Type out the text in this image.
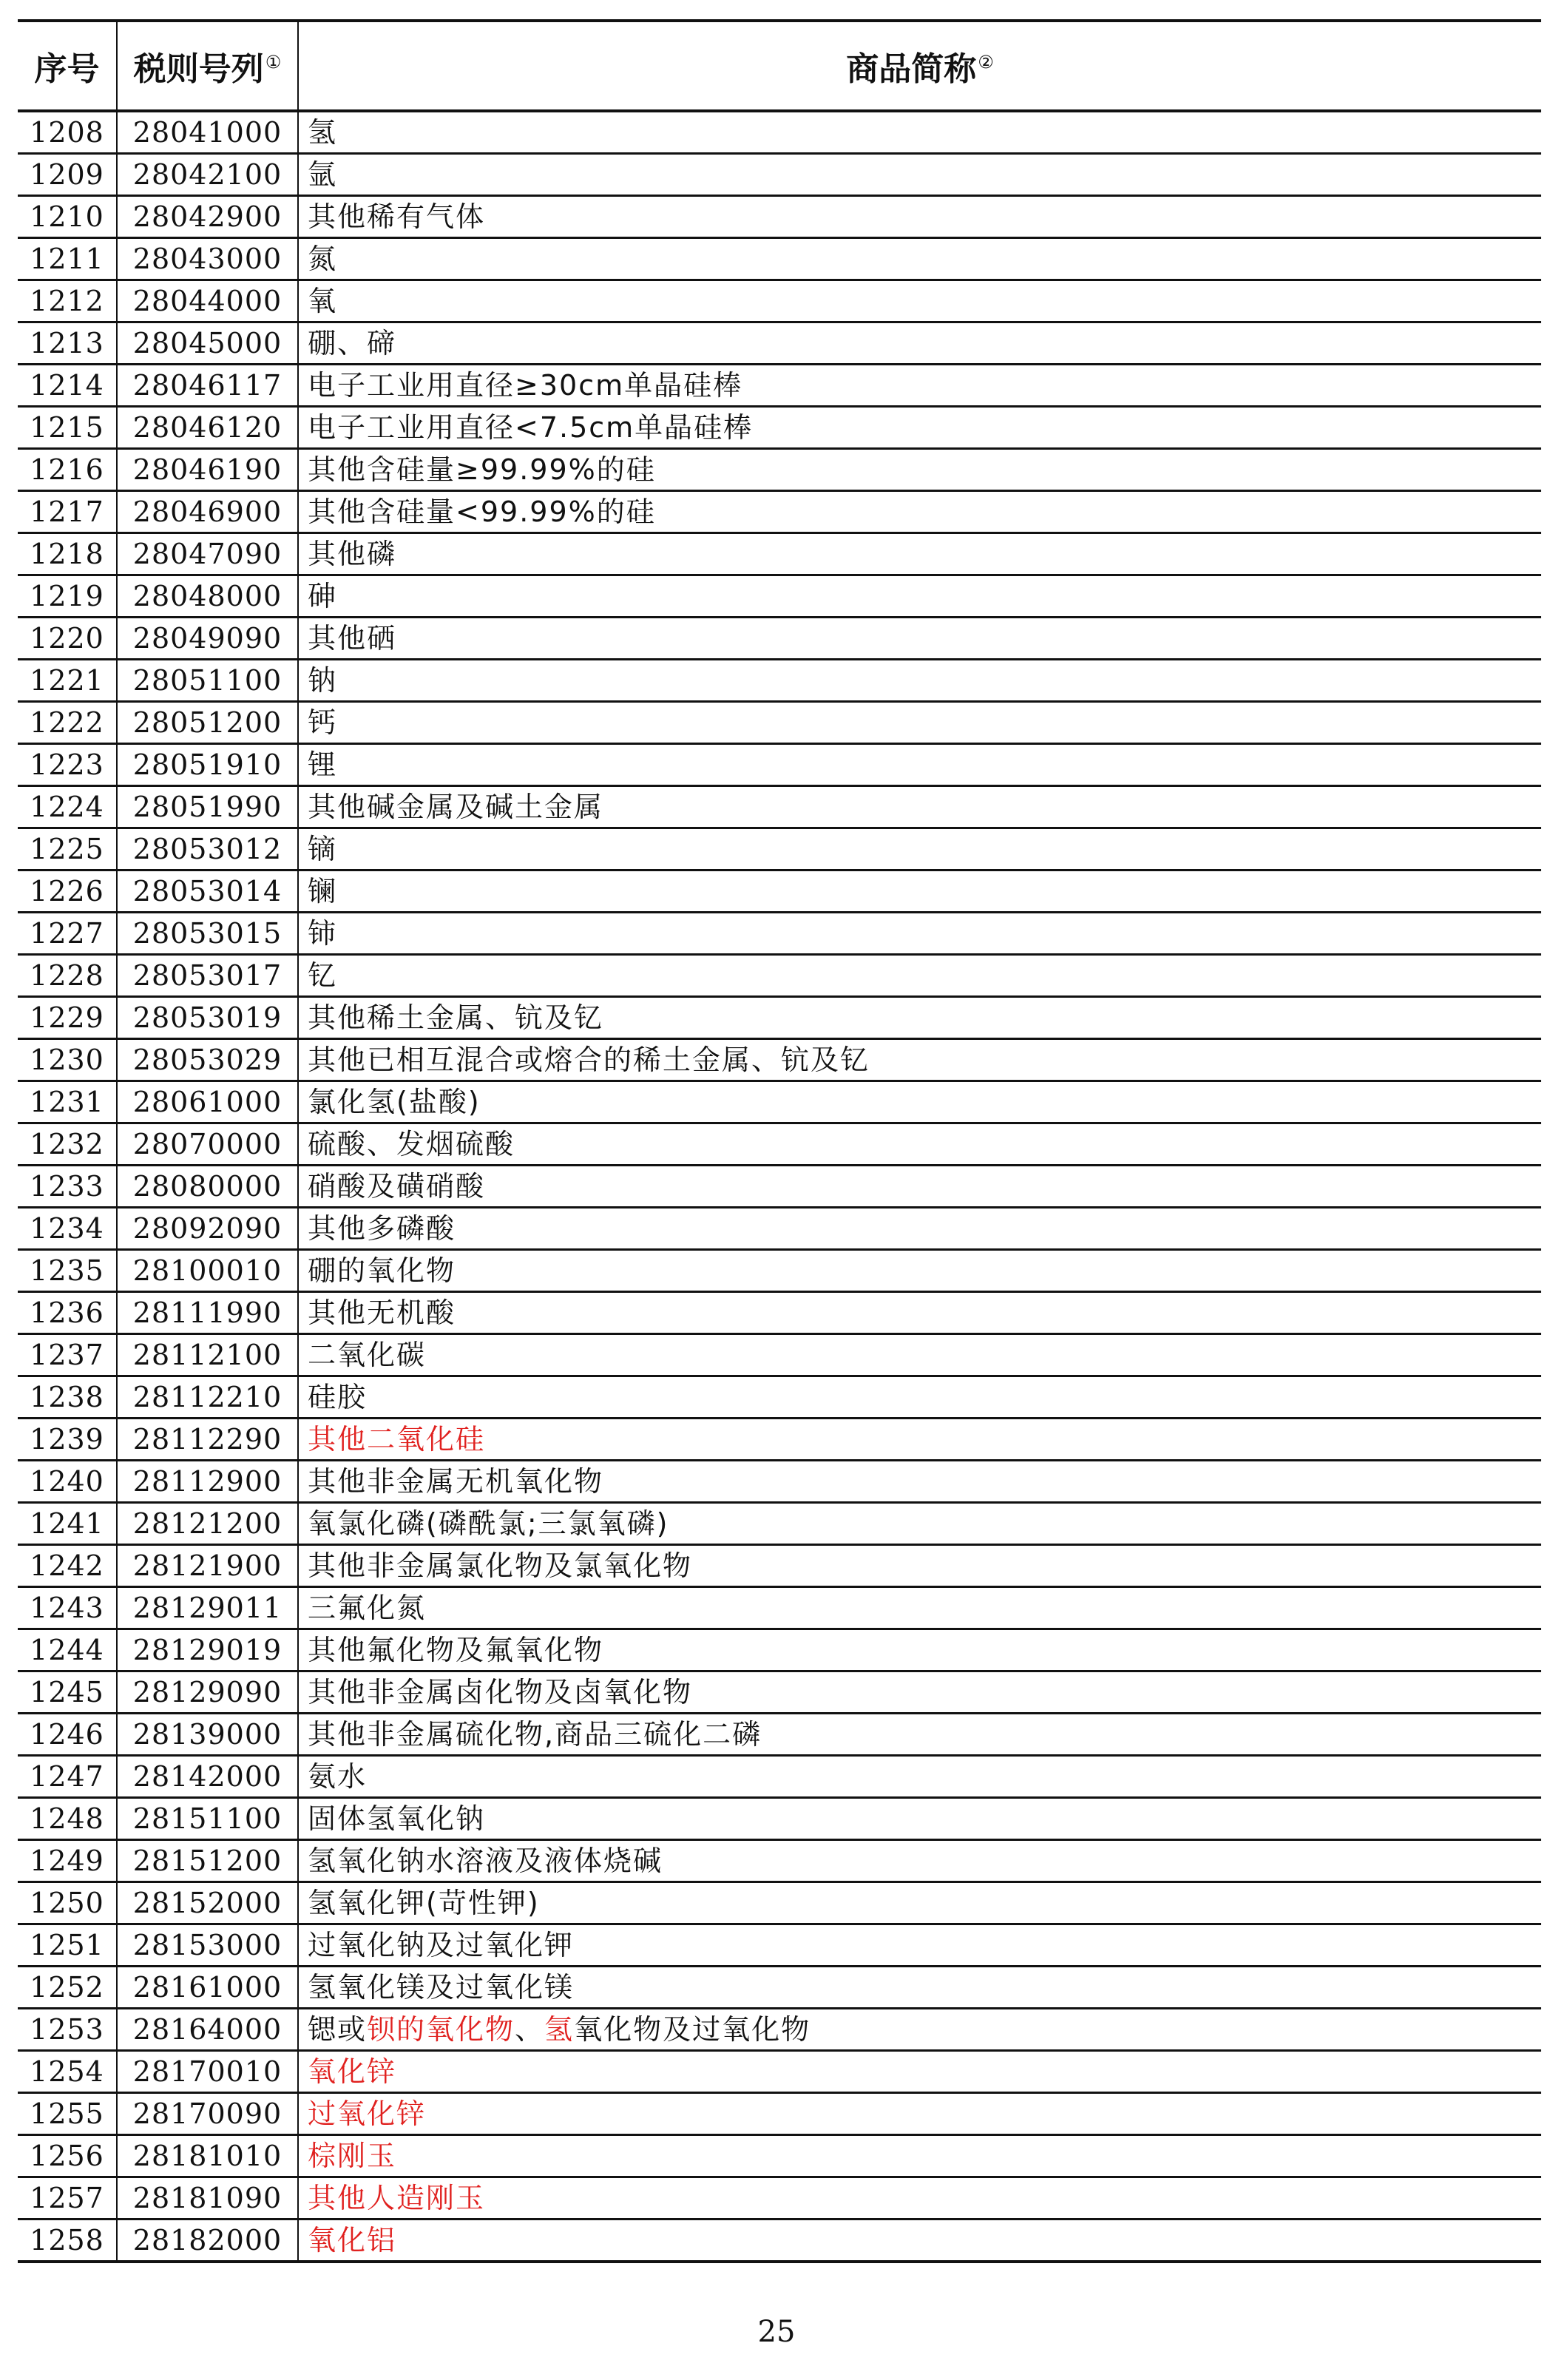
序号	税则号列①	商品简称②
1208	28041000	氢
1209	28042100	氩
1210	28042900	其他稀有气体
1211	28043000	氮
1212	28044000	氧
1213	28045000	硼、碲
1214	28046117	电子工业用直径≥30cm单晶硅棒
1215	28046120	电子工业用直径<7.5cm单晶硅棒
1216	28046190	其他含硅量≥99.99%的硅
1217	28046900	其他含硅量<99.99%的硅
1218	28047090	其他磷
1219	28048000	砷
1220	28049090	其他硒
1221	28051100	钠
1222	28051200	钙
1223	28051910	锂
1224	28051990	其他碱金属及碱土金属
1225	28053012	镝
1226	28053014	镧
1227	28053015	铈
1228	28053017	钇
1229	28053019	其他稀土金属、钪及钇
1230	28053029	其他已相互混合或熔合的稀土金属、钪及钇
1231	28061000	氯化氢(盐酸)
1232	28070000	硫酸、发烟硫酸
1233	28080000	硝酸及磺硝酸
1234	28092090	其他多磷酸
1235	28100010	硼的氧化物
1236	28111990	其他无机酸
1237	28112100	二氧化碳
1238	28112210	硅胶
1239	28112290	其他二氧化硅
1240	28112900	其他非金属无机氧化物
1241	28121200	氧氯化磷(磷酰氯;三氯氧磷)
1242	28121900	其他非金属氯化物及氯氧化物
1243	28129011	三氟化氮
1244	28129019	其他氟化物及氟氧化物
1245	28129090	其他非金属卤化物及卤氧化物
1246	28139000	其他非金属硫化物,商品三硫化二磷
1247	28142000	氨水
1248	28151100	固体氢氧化钠
1249	28151200	氢氧化钠水溶液及液体烧碱
1250	28152000	氢氧化钾(苛性钾)
1251	28153000	过氧化钠及过氧化钾
1252	28161000	氢氧化镁及过氧化镁
1253	28164000	锶或钡的氧化物、氢氧化物及过氧化物
1254	28170010	氧化锌
1255	28170090	过氧化锌
1256	28181010	棕刚玉
1257	28181090	其他人造刚玉
1258	28182000	氧化铝
25
